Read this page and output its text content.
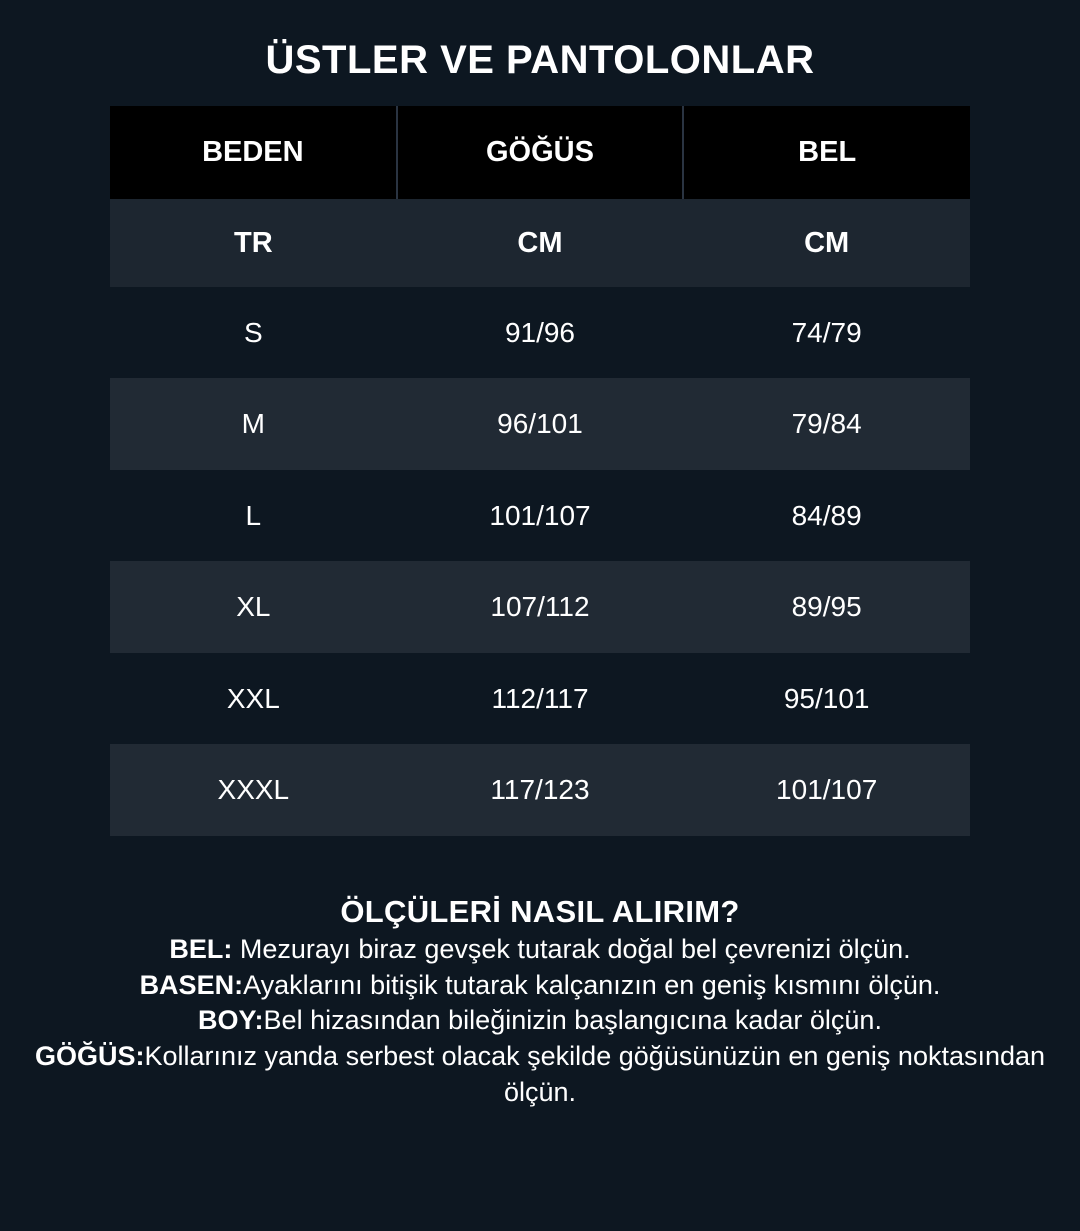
ÜSTLER VE PANTOLONLAR
BEDEN	GÖĞÜS	BEL
TR	CM	CM
S	91/96	74/79
M	96/101	79/84
L	101/107	84/89
XL	107/112	89/95
XXL	112/117	95/101
XXXL	117/123	101/107
ÖLÇÜLERİ NASIL ALIRIM?

BEL: Mezurayı biraz gevşek tutarak doğal bel çevrenizi ölçün.

BASEN:Ayaklarını bitişik tutarak kalçanızın en geniş kısmını ölçün.

BOY:Bel hizasından bileğinizin başlangıcına kadar ölçün.

GÖĞÜS:Kollarınız yanda serbest olacak şekilde göğüsünüzün en geniş noktasından ölçün.
